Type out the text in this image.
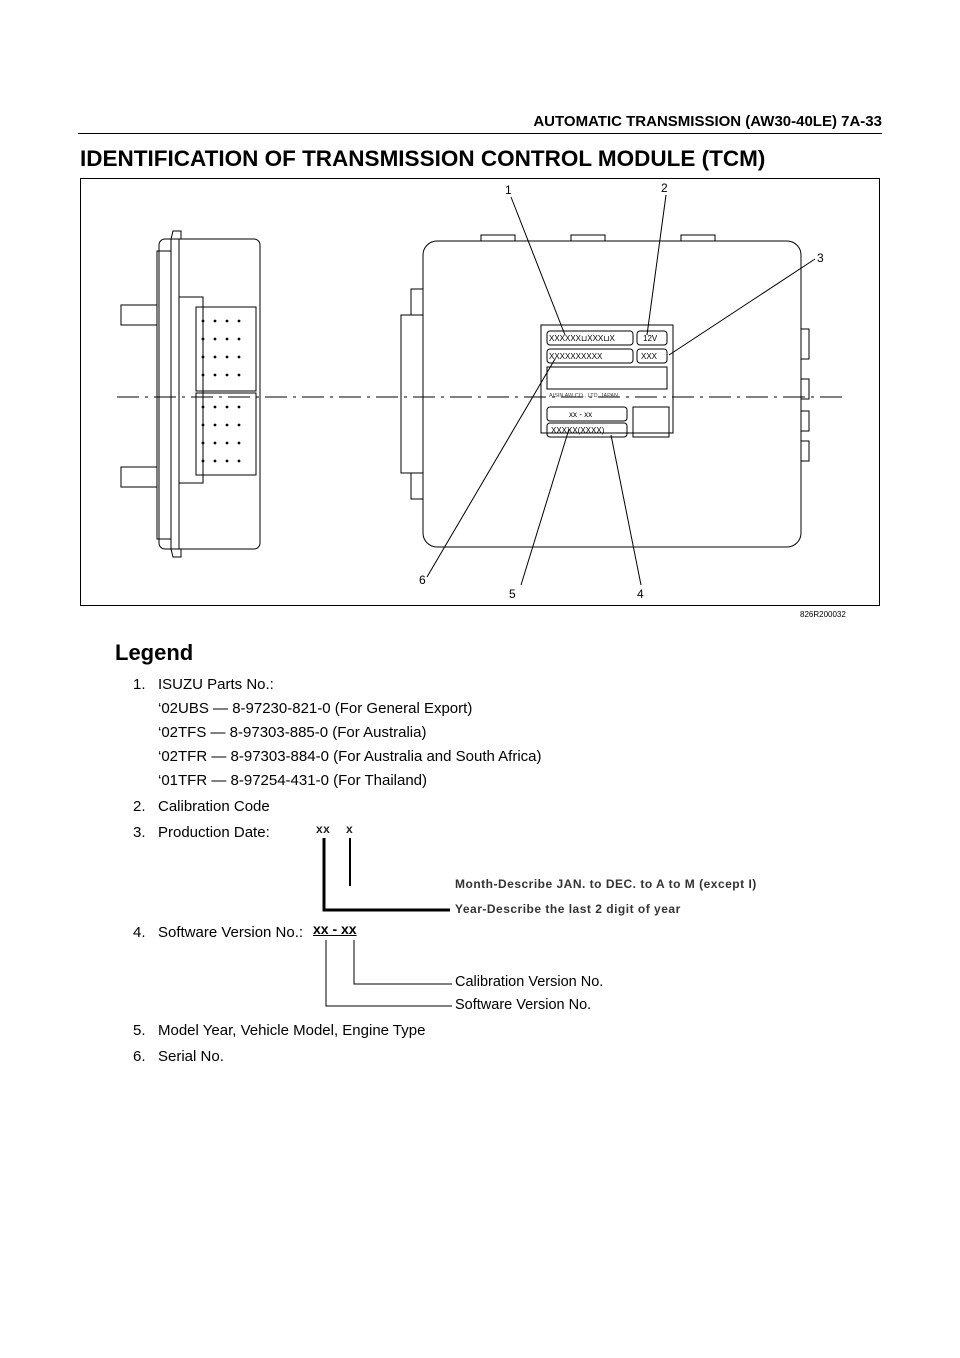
AUTOMATIC TRANSMISSION (AW30-40LE) 7A-33
IDENTIFICATION OF TRANSMISSION CONTROL MODULE (TCM)
XXXXXX⊔XXX⊔X	12V
XXXXXXXXXX	XXX
AISIN AW CO., LTD. JAPAN
xx - xx
XXXXX(XXXX)
1	2
3
4
5
6
826R200032
Legend
1. ISUZU Parts No.:
‘02UBS — 8-97230-821-0 (For General Export)
‘02TFS — 8-97303-885-0 (For Australia)
‘02TFR — 8-97303-884-0 (For Australia and South Africa)
‘01TFR — 8-97254-431-0 (For Thailand)
2. Calibration Code
3. Production Date:	xx x
Month-Describe JAN. to DEC. to A to M (except I)
Year-Describe the last 2 digit of year
4. Software Version No.: xx - xx
Calibration Version No.
Software Version No.
5. Model Year, Vehicle Model, Engine Type
6. Serial No.
